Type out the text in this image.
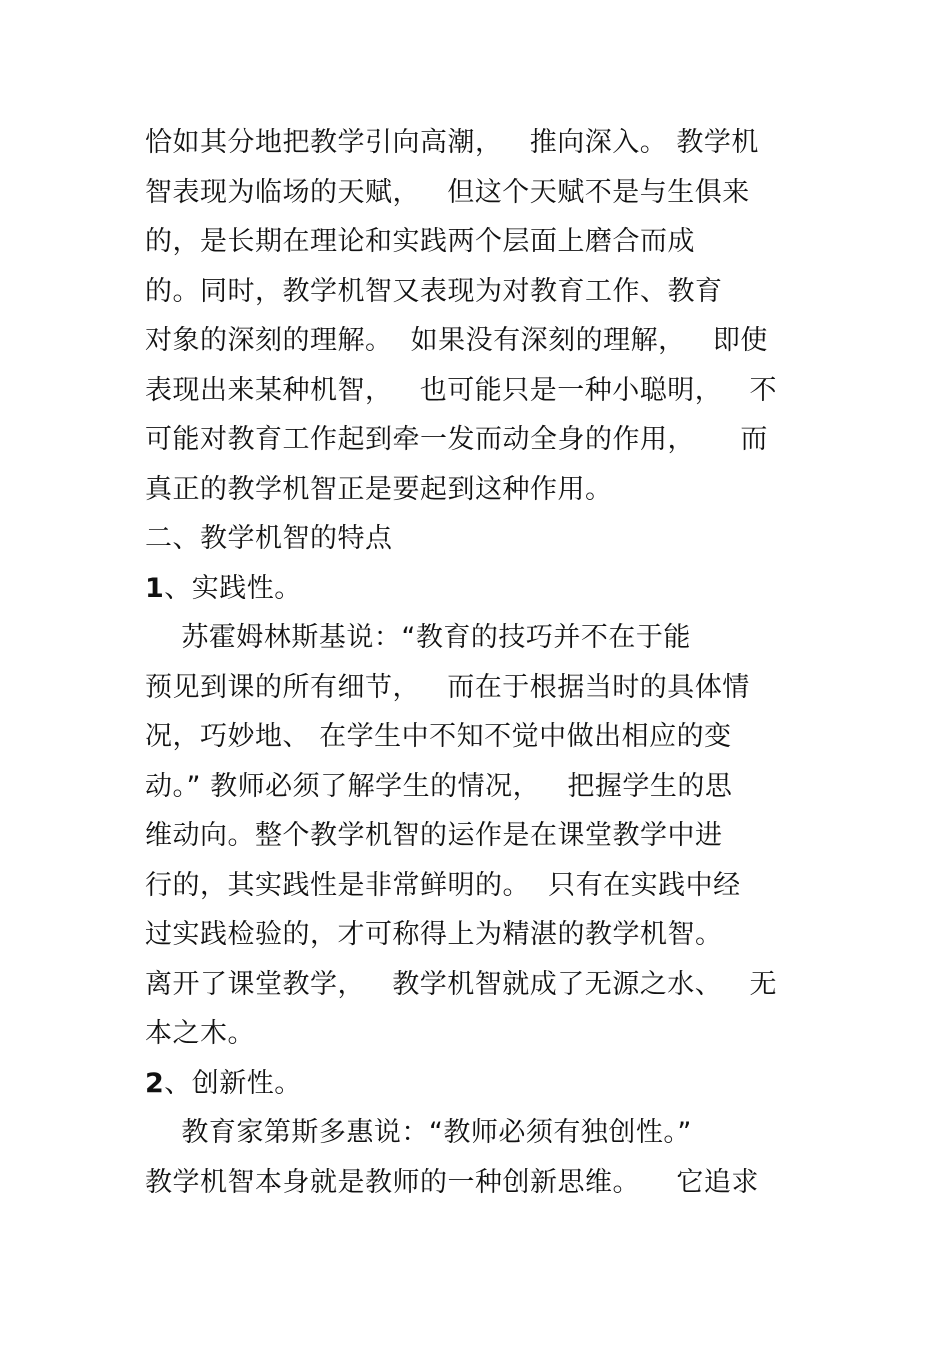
恰如其分地把教学引向高潮，   推向深入。 教学机
智表现为临场的天赋，   但这个天赋不是与生俱来
的，是长期在理论和实践两个层面上磨合而成
的。同时，教学机智又表现为对教育工作、教育
对象的深刻的理解。  如果没有深刻的理解，   即使
表现出来某种机智，   也可能只是一种小聪明，   不
可能对教育工作起到牵一发而动全身的作用，     而
真正的教学机智正是要起到这种作用。
二、教学机智的特点
1、实践性。
苏霍姆林斯基说：“教育的技巧并不在于能
预见到课的所有细节，   而在于根据当时的具体情
况，巧妙地、 在学生中不知不觉中做出相应的变
动。” 教师必须了解学生的情况，   把握学生的思
维动向。整个教学机智的运作是在课堂教学中进
行的，其实践性是非常鲜明的。  只有在实践中经
过实践检验的，才可称得上为精湛的教学机智。
离开了课堂教学，   教学机智就成了无源之水、   无
本之木。
2、创新性。
教育家第斯多惠说：“教师必须有独创性。”
教学机智本身就是教师的一种创新思维。    它追求
